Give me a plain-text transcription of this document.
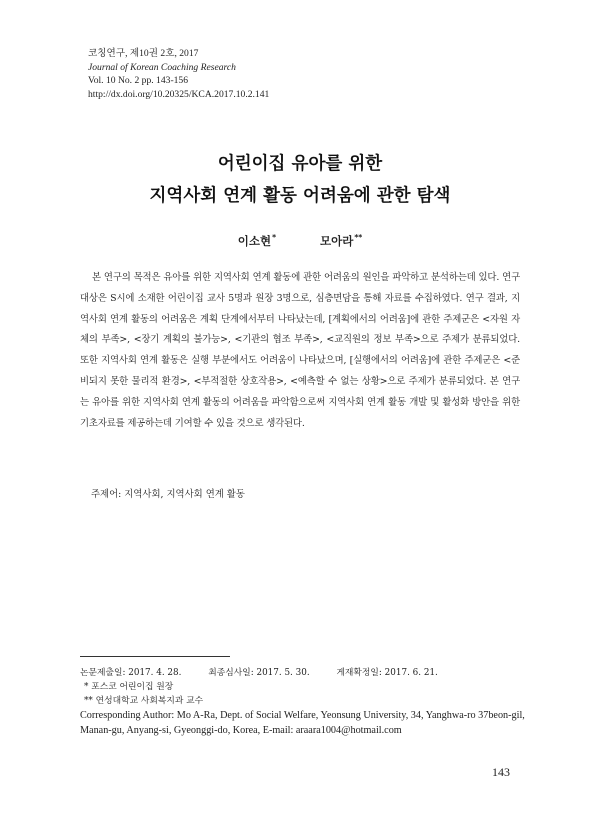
코칭연구, 제10권 2호, 2017
Journal of Korean Coaching Research
Vol. 10 No. 2 pp. 143-156
http://dx.doi.org/10.20325/KCA.2017.10.2.141
어린이집 유아를 위한
지역사회 연계 활동 어려움에 관한 탐색
이소현*	모아라**
본 연구의 목적은 유아를 위한 지역사회 연계 활동에 관한 어려움의 원인을 파악하고 분석하는데 있다. 연구대상은 S시에 소재한 어린이집 교사 5명과 원장 3명으로, 심층면담을 통해 자료를 수집하였다. 연구 결과, 지역사회 연계 활동의 어려움은 계획 단계에서부터 나타났는데, [계획에서의 어려움]에 관한 주제군은 <자원 자체의 부족>, <장기 계획의 불가능>, <기관의 협조 부족>, <교직원의 정보 부족>으로 주제가 분류되었다. 또한 지역사회 연계 활동은 실행 부분에서도 어려움이 나타났으며, [실행에서의 어려움]에 관한 주제군은 <준비되지 못한 물리적 환경>, <부적절한 상호작용>, <예측할 수 없는 상황>으로 주제가 분류되었다. 본 연구는 유아를 위한 지역사회 연계 활동의 어려움을 파악함으로써 지역사회 연계 활동 개발 및 활성화 방안을 위한 기초자료를 제공하는데 기여할 수 있을 것으로 생각된다.
주제어: 지역사회, 지역사회 연계 활동
논문제출일: 2017. 4. 28.	최종심사일: 2017. 5. 30.	게재확정일: 2017. 6. 21.
* 포스코 어린이집 원장
** 연성대학교 사회복지과 교수
Corresponding Author: Mo A-Ra, Dept. of Social Welfare, Yeonsung University, 34, Yanghwa-ro 37beon-gil, Manan-gu, Anyang-si, Gyeonggi-do, Korea, E-mail: araara1004@hotmail.com
143
